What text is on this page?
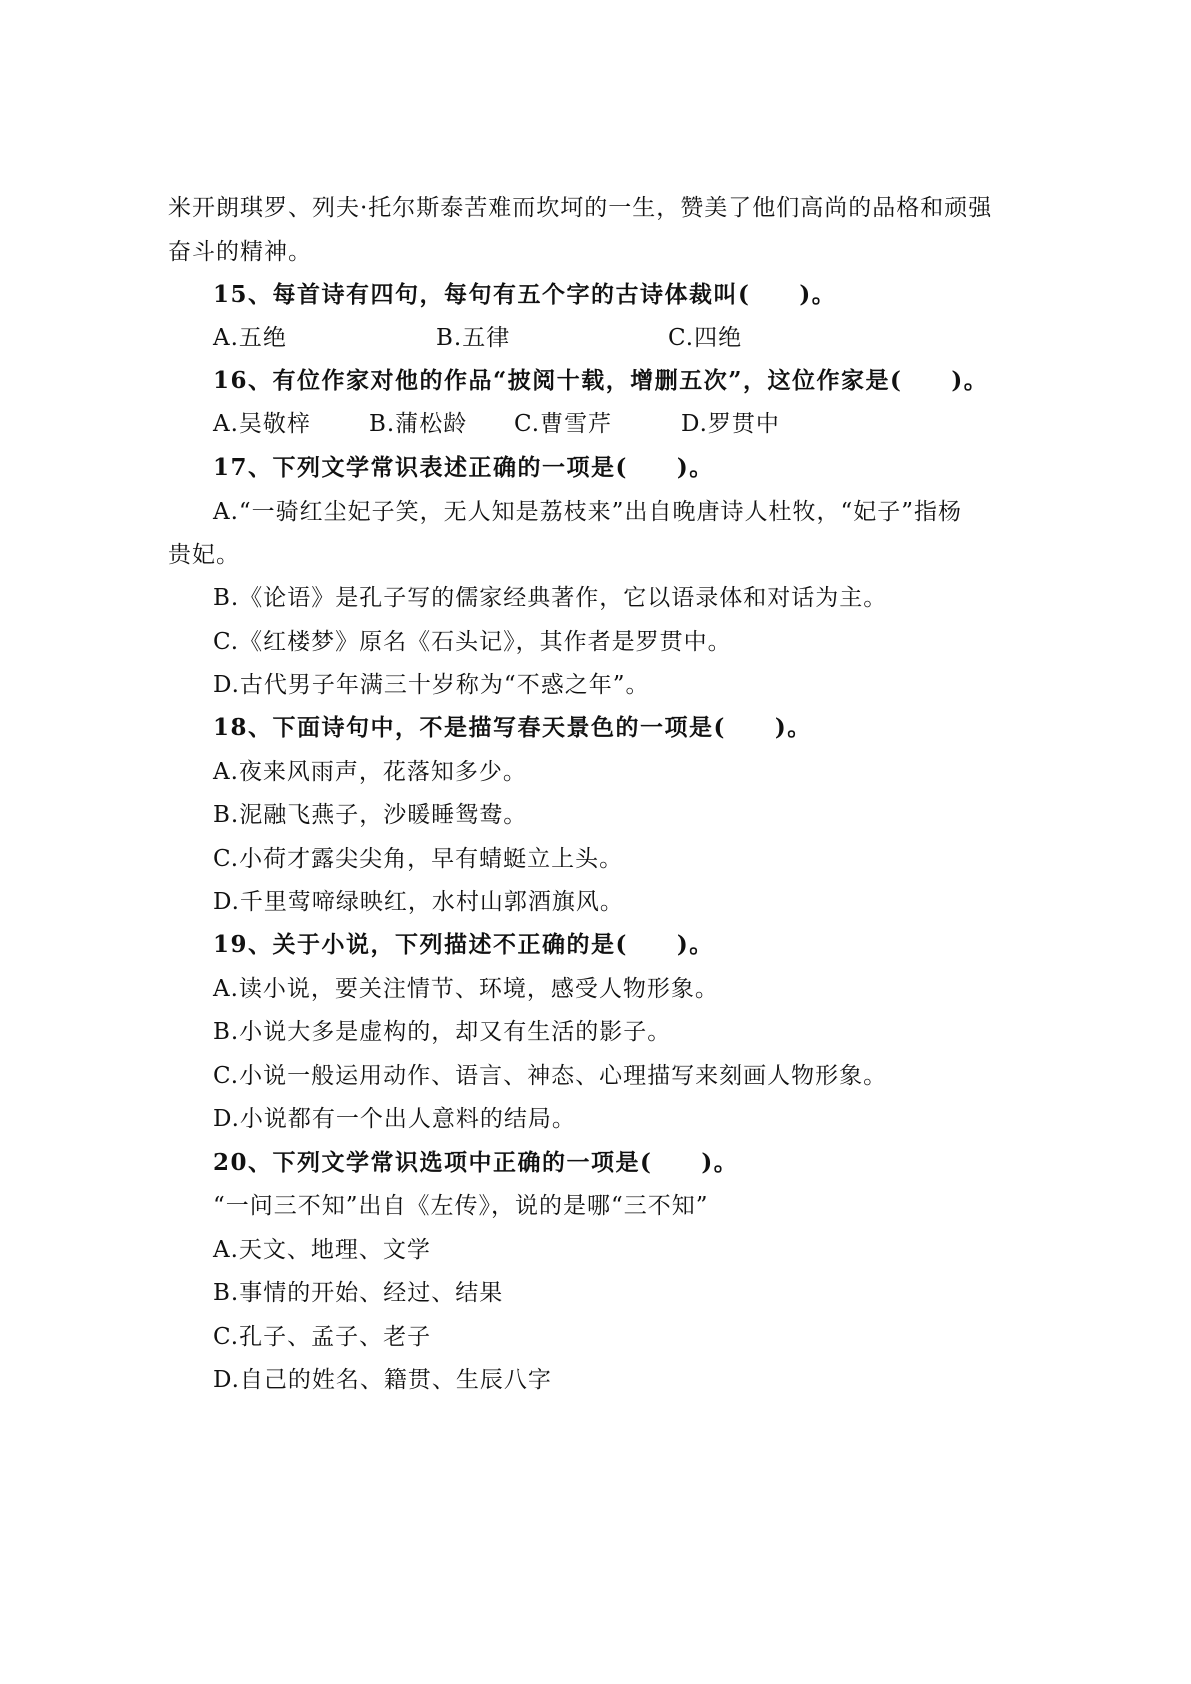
米开朗琪罗、列夫·托尔斯泰苦难而坎坷的一生，赞美了他们高尚的品格和顽强
奋斗的精神。
15、每首诗有四句，每句有五个字的古诗体裁叫(　　)。
A.五绝	B.五律	C.四绝
16、有位作家对他的作品“披阅十载，增删五次”，这位作家是(　　)。
A.吴敬梓	B.蒲松龄 C.曹雪芹	D.罗贯中
17、下列文学常识表述正确的一项是(　　)。
A.“一骑红尘妃子笑，无人知是荔枝来”出自晚唐诗人杜牧，“妃子”指杨
贵妃。
B.《论语》是孔子写的儒家经典著作，它以语录体和对话为主。
C.《红楼梦》原名《石头记》，其作者是罗贯中。
D.古代男子年满三十岁称为“不惑之年”。
18、下面诗句中，不是描写春天景色的一项是(　　)。
A.夜来风雨声，花落知多少。
B.泥融飞燕子，沙暖睡鸳鸯。
C.小荷才露尖尖角，早有蜻蜓立上头。
D.千里莺啼绿映红，水村山郭酒旗风。
19、关于小说，下列描述不正确的是(　　)。
A.读小说，要关注情节、环境，感受人物形象。
B.小说大多是虚构的，却又有生活的影子。
C.小说一般运用动作、语言、神态、心理描写来刻画人物形象。
D.小说都有一个出人意料的结局。
20、下列文学常识选项中正确的一项是(　　)。
“一问三不知”出自《左传》，说的是哪“三不知”
A.天文、地理、文学
B.事情的开始、经过、结果
C.孔子、孟子、老子
D.自己的姓名、籍贯、生辰八字
